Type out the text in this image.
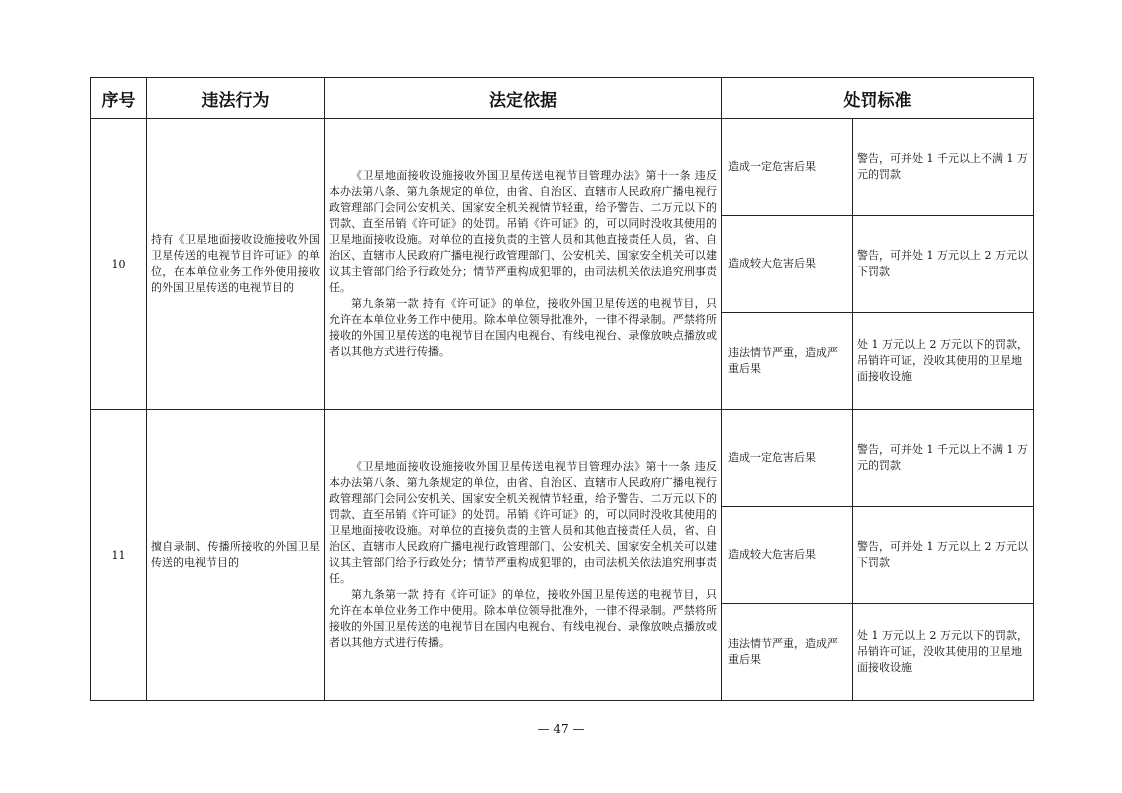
序号	违法行为	法定依据	处罚标准	
10	持有《卫星地面接收设施接收外国卫星传送的电视节目许可证》的单位，在本单位业务工作外使用接收的外国卫星传送的电视节目的	《卫星地面接收设施接收外国卫星传送电视节目管理办法》第十一条 违反本办法第八条、第九条规定的单位，由省、自治区、直辖市人民政府广播电视行政管理部门会同公安机关、国家安全机关视情节轻重，给予警告、二万元以下的罚款、直至吊销《许可证》的处罚。吊销《许可证》的，可以同时没收其使用的卫星地面接收设施。对单位的直接负责的主管人员和其他直接责任人员，省、自治区、直辖市人民政府广播电视行政管理部门、公安机关、国家安全机关可以建议其主管部门给予行政处分；情节严重构成犯罪的，由司法机关依法追究刑事责任。

第九条第一款 持有《许可证》的单位，接收外国卫星传送的电视节目，只允许在本单位业务工作中使用。除本单位领导批准外，一律不得录制。严禁将所接收的外国卫星传送的电视节目在国内电视台、有线电视台、录像放映点播放或者以其他方式进行传播。	造成一定危害后果	警告，可并处 1 千元以上不满 1 万元的罚款
			造成较大危害后果	警告，可并处 1 万元以上 2 万元以下罚款
			违法情节严重，造成严重后果	处 1 万元以上 2 万元以下的罚款，吊销许可证，没收其使用的卫星地面接收设施
11	擅自录制、传播所接收的外国卫星传送的电视节目的	《卫星地面接收设施接收外国卫星传送电视节目管理办法》第十一条 违反本办法第八条、第九条规定的单位，由省、自治区、直辖市人民政府广播电视行政管理部门会同公安机关、国家安全机关视情节轻重，给予警告、二万元以下的罚款、直至吊销《许可证》的处罚。吊销《许可证》的，可以同时没收其使用的卫星地面接收设施。对单位的直接负责的主管人员和其他直接责任人员，省、自治区、直辖市人民政府广播电视行政管理部门、公安机关、国家安全机关可以建议其主管部门给予行政处分；情节严重构成犯罪的，由司法机关依法追究刑事责任。

第九条第一款 持有《许可证》的单位，接收外国卫星传送的电视节目，只允许在本单位业务工作中使用。除本单位领导批准外，一律不得录制。严禁将所接收的外国卫星传送的电视节目在国内电视台、有线电视台、录像放映点播放或者以其他方式进行传播。	造成一定危害后果	警告，可并处 1 千元以上不满 1 万元的罚款
			造成较大危害后果	警告，可并处 1 万元以上 2 万元以下罚款
			违法情节严重，造成严重后果	处 1 万元以上 2 万元以下的罚款，吊销许可证，没收其使用的卫星地面接收设施
— 47 —
